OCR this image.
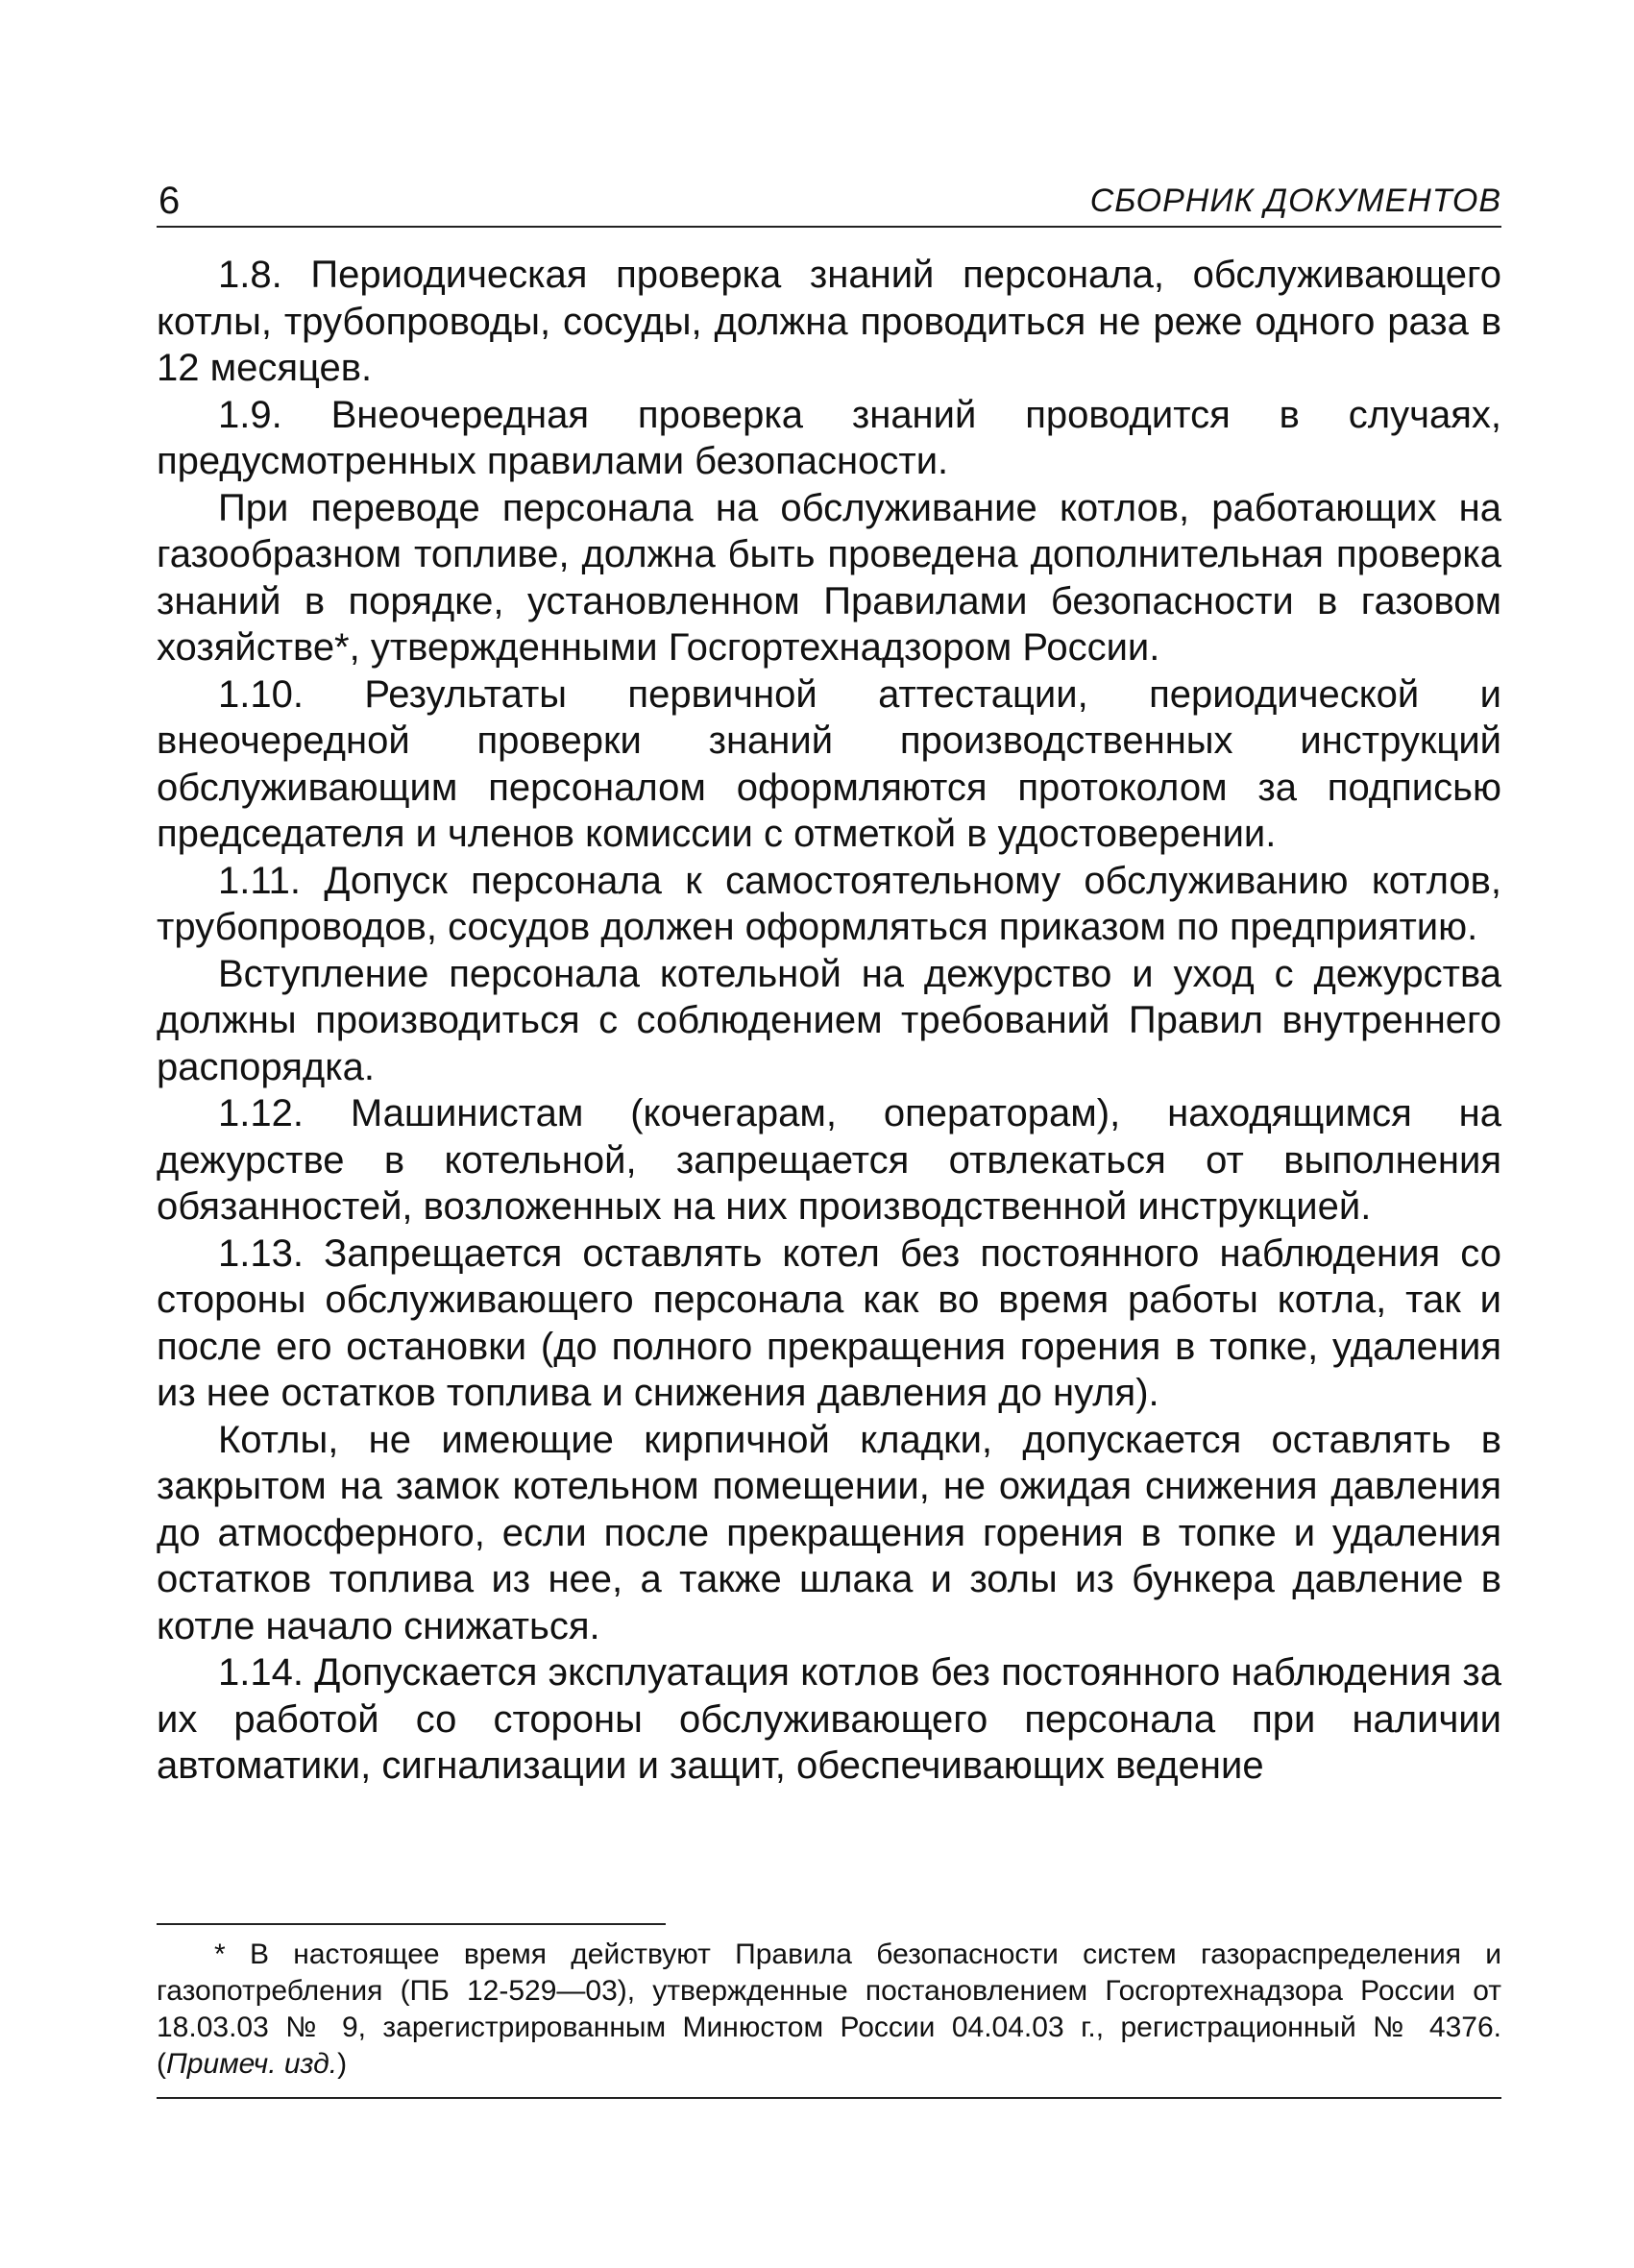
6	СБОРНИК ДОКУМЕНТОВ

1.8. Периодическая проверка знаний персонала, обслуживающего котлы, трубопроводы, сосуды, должна проводиться не реже одного раза в 12 месяцев.

1.9. Внеочередная проверка знаний проводится в случаях, предусмотренных правилами безопасности.

При переводе персонала на обслуживание котлов, работающих на газообразном топливе, должна быть проведена дополнительная проверка знаний в порядке, установленном Правилами безопасности в газовом хозяйстве*, утвержденными Госгортехнадзором России.

1.10. Результаты первичной аттестации, периодической и внеочередной проверки знаний производственных инструкций обслуживающим персоналом оформляются протоколом за подписью председателя и членов комиссии с отметкой в удостоверении.

1.11. Допуск персонала к самостоятельному обслуживанию котлов, трубопроводов, сосудов должен оформляться приказом по предприятию.

Вступление персонала котельной на дежурство и уход с дежурства должны производиться с соблюдением требований Правил внутреннего распорядка.

1.12. Машинистам (кочегарам, операторам), находящимся на дежурстве в котельной, запрещается отвлекаться от выполнения обязанностей, возложенных на них производственной инструкцией.

1.13. Запрещается оставлять котел без постоянного наблюдения со стороны обслуживающего персонала как во время работы котла, так и после его остановки (до полного прекращения горения в топке, удаления из нее остатков топлива и снижения давления до нуля).

Котлы, не имеющие кирпичной кладки, допускается оставлять в закрытом на замок котельном помещении, не ожидая снижения давления до атмосферного, если после прекращения горения в топке и удаления остатков топлива из нее, а также шлака и золы из бункера давление в котле начало снижаться.

1.14. Допускается эксплуатация котлов без постоянного наблюдения за их работой со стороны обслуживающего персонала при наличии автоматики, сигнализации и защит, обеспечивающих ведение

* В настоящее время действуют Правила безопасности систем газораспределения и газопотребления (ПБ 12-529—03), утвержденные постановлением Госгортехнадзора России от 18.03.03 № 9, зарегистрированным Минюстом России 04.04.03 г., регистрационный № 4376. (Примеч. изд.)
